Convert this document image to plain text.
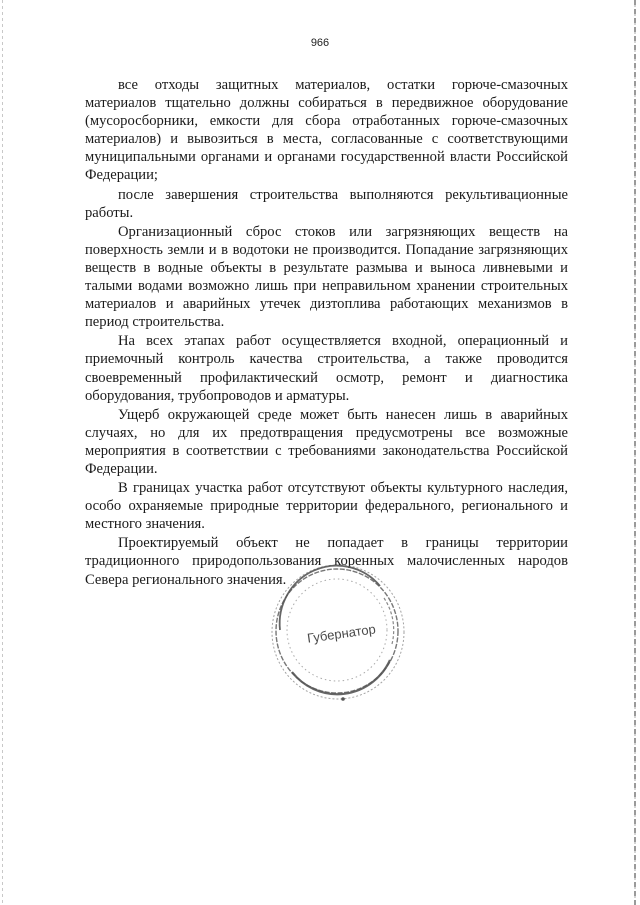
966

все отходы защитных материалов, остатки горюче-смазочных материалов тщательно должны собираться в передвижное оборудование (мусоросборники, емкости для сбора отработанных горюче-смазочных материалов) и вывозиться в места, согласованные с соответствующими муниципальными органами и органами государственной власти Российской Федерации;

после завершения строительства выполняются рекультивационные работы.

Организационный сброс стоков или загрязняющих веществ на поверхность земли и в водотоки не производится. Попадание загрязняющих веществ в водные объекты в результате размыва и выноса ливневыми и талыми водами возможно лишь при неправильном хранении строительных материалов и аварийных утечек дизтоплива работающих механизмов в период строительства.

На всех этапах работ осуществляется входной, операционный и приемочный контроль качества строительства, а также проводится своевременный профилактический осмотр, ремонт и диагностика оборудования, трубопроводов и арматуры.

Ущерб окружающей среде может быть нанесен лишь в аварийных случаях, но для их предотвращения предусмотрены все возможные мероприятия в соответствии с требованиями законодательства Российской Федерации.

В границах участка работ отсутствуют объекты культурного наследия, особо охраняемые природные территории федерального, регионального и местного значения.

Проектируемый объект не попадает в границы территории традиционного природопользования коренных малочисленных народов Севера регионального значения.

Губернатор
